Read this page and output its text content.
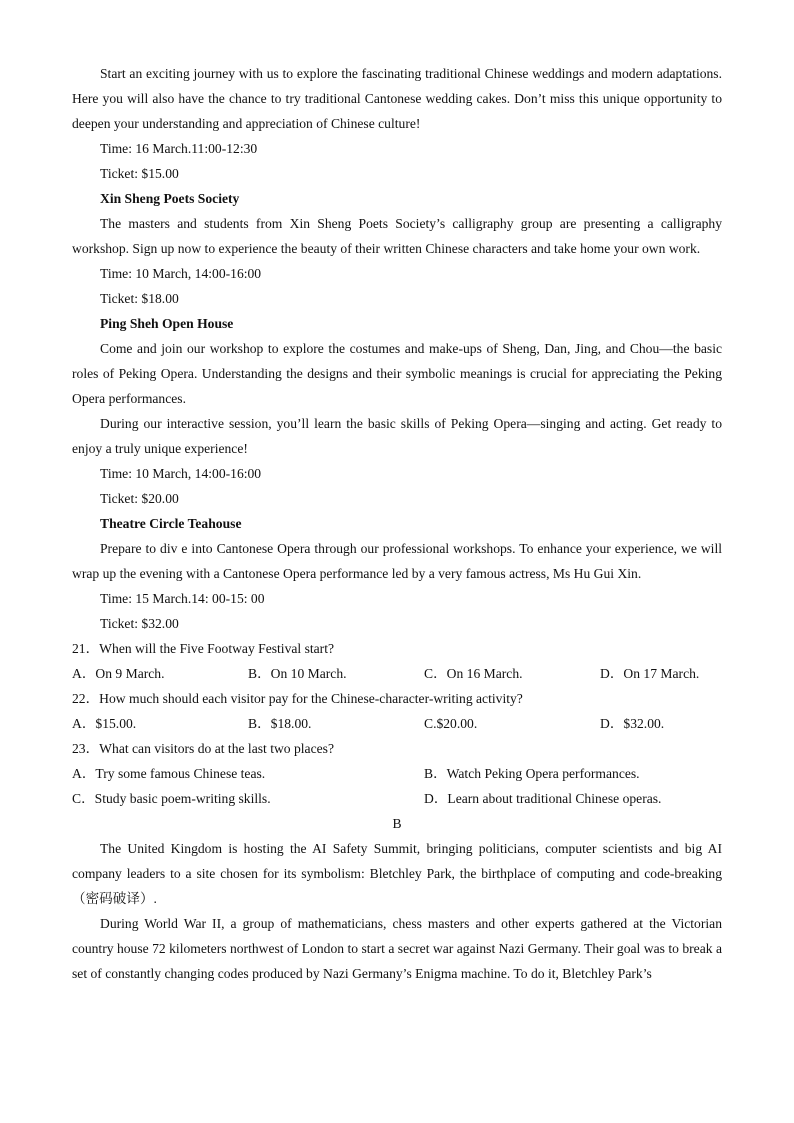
Start an exciting journey with us to explore the fascinating traditional Chinese weddings and modern adaptations. Here you will also have the chance to try traditional Cantonese wedding cakes. Don’t miss this unique opportunity to deepen your understanding and appreciation of Chinese culture!

Time: 16 March.11:00-12:30

Ticket: $15.00

Xin Sheng Poets Society

The masters and students from Xin Sheng Poets Society’s calligraphy group are presenting a calligraphy workshop. Sign up now to experience the beauty of their written Chinese characters and take home your own work.

Time: 10 March, 14:00-16:00

Ticket: $18.00

Ping Sheh Open House

Come and join our workshop to explore the costumes and make-ups of Sheng, Dan, Jing, and Chou—the basic roles of Peking Opera. Understanding the designs and their symbolic meanings is crucial for appreciating the Peking Opera performances.

During our interactive session, you’ll learn the basic skills of Peking Opera—singing and acting. Get ready to enjoy a truly unique experience!

Time: 10 March, 14:00-16:00

Ticket: $20.00

Theatre Circle Teahouse

Prepare to div e into Cantonese Opera through our professional workshops. To enhance your experience, we will wrap up the evening with a Cantonese Opera performance led by a very famous actress, Ms Hu Gui Xin.

Time: 15 March.14: 00-15: 00

Ticket: $32.00

21．When will the Five Footway Festival start?

A．On 9 March.	B．On 10 March.	C．On 16 March.	D．On 17 March.

22．How much should each visitor pay for the Chinese-character-writing activity?

A．$15.00.	B．$18.00.	C.$20.00.	D．$32.00.

23．What can visitors do at the last two places?

A．Try some famous Chinese teas.	B．Watch Peking Opera performances.
C．Study basic poem-writing skills.	D．Learn about traditional Chinese operas.

B

The United Kingdom is hosting the AI Safety Summit, bringing politicians, computer scientists and big AI company leaders to a site chosen for its symbolism: Bletchley Park, the birthplace of computing and code-breaking（密码破译）.

During World War II, a group of mathematicians, chess masters and other experts gathered at the Victorian country house 72 kilometers northwest of London to start a secret war against Nazi Germany. Their goal was to break a set of constantly changing codes produced by Nazi Germany’s Enigma machine. To do it, Bletchley Park’s
